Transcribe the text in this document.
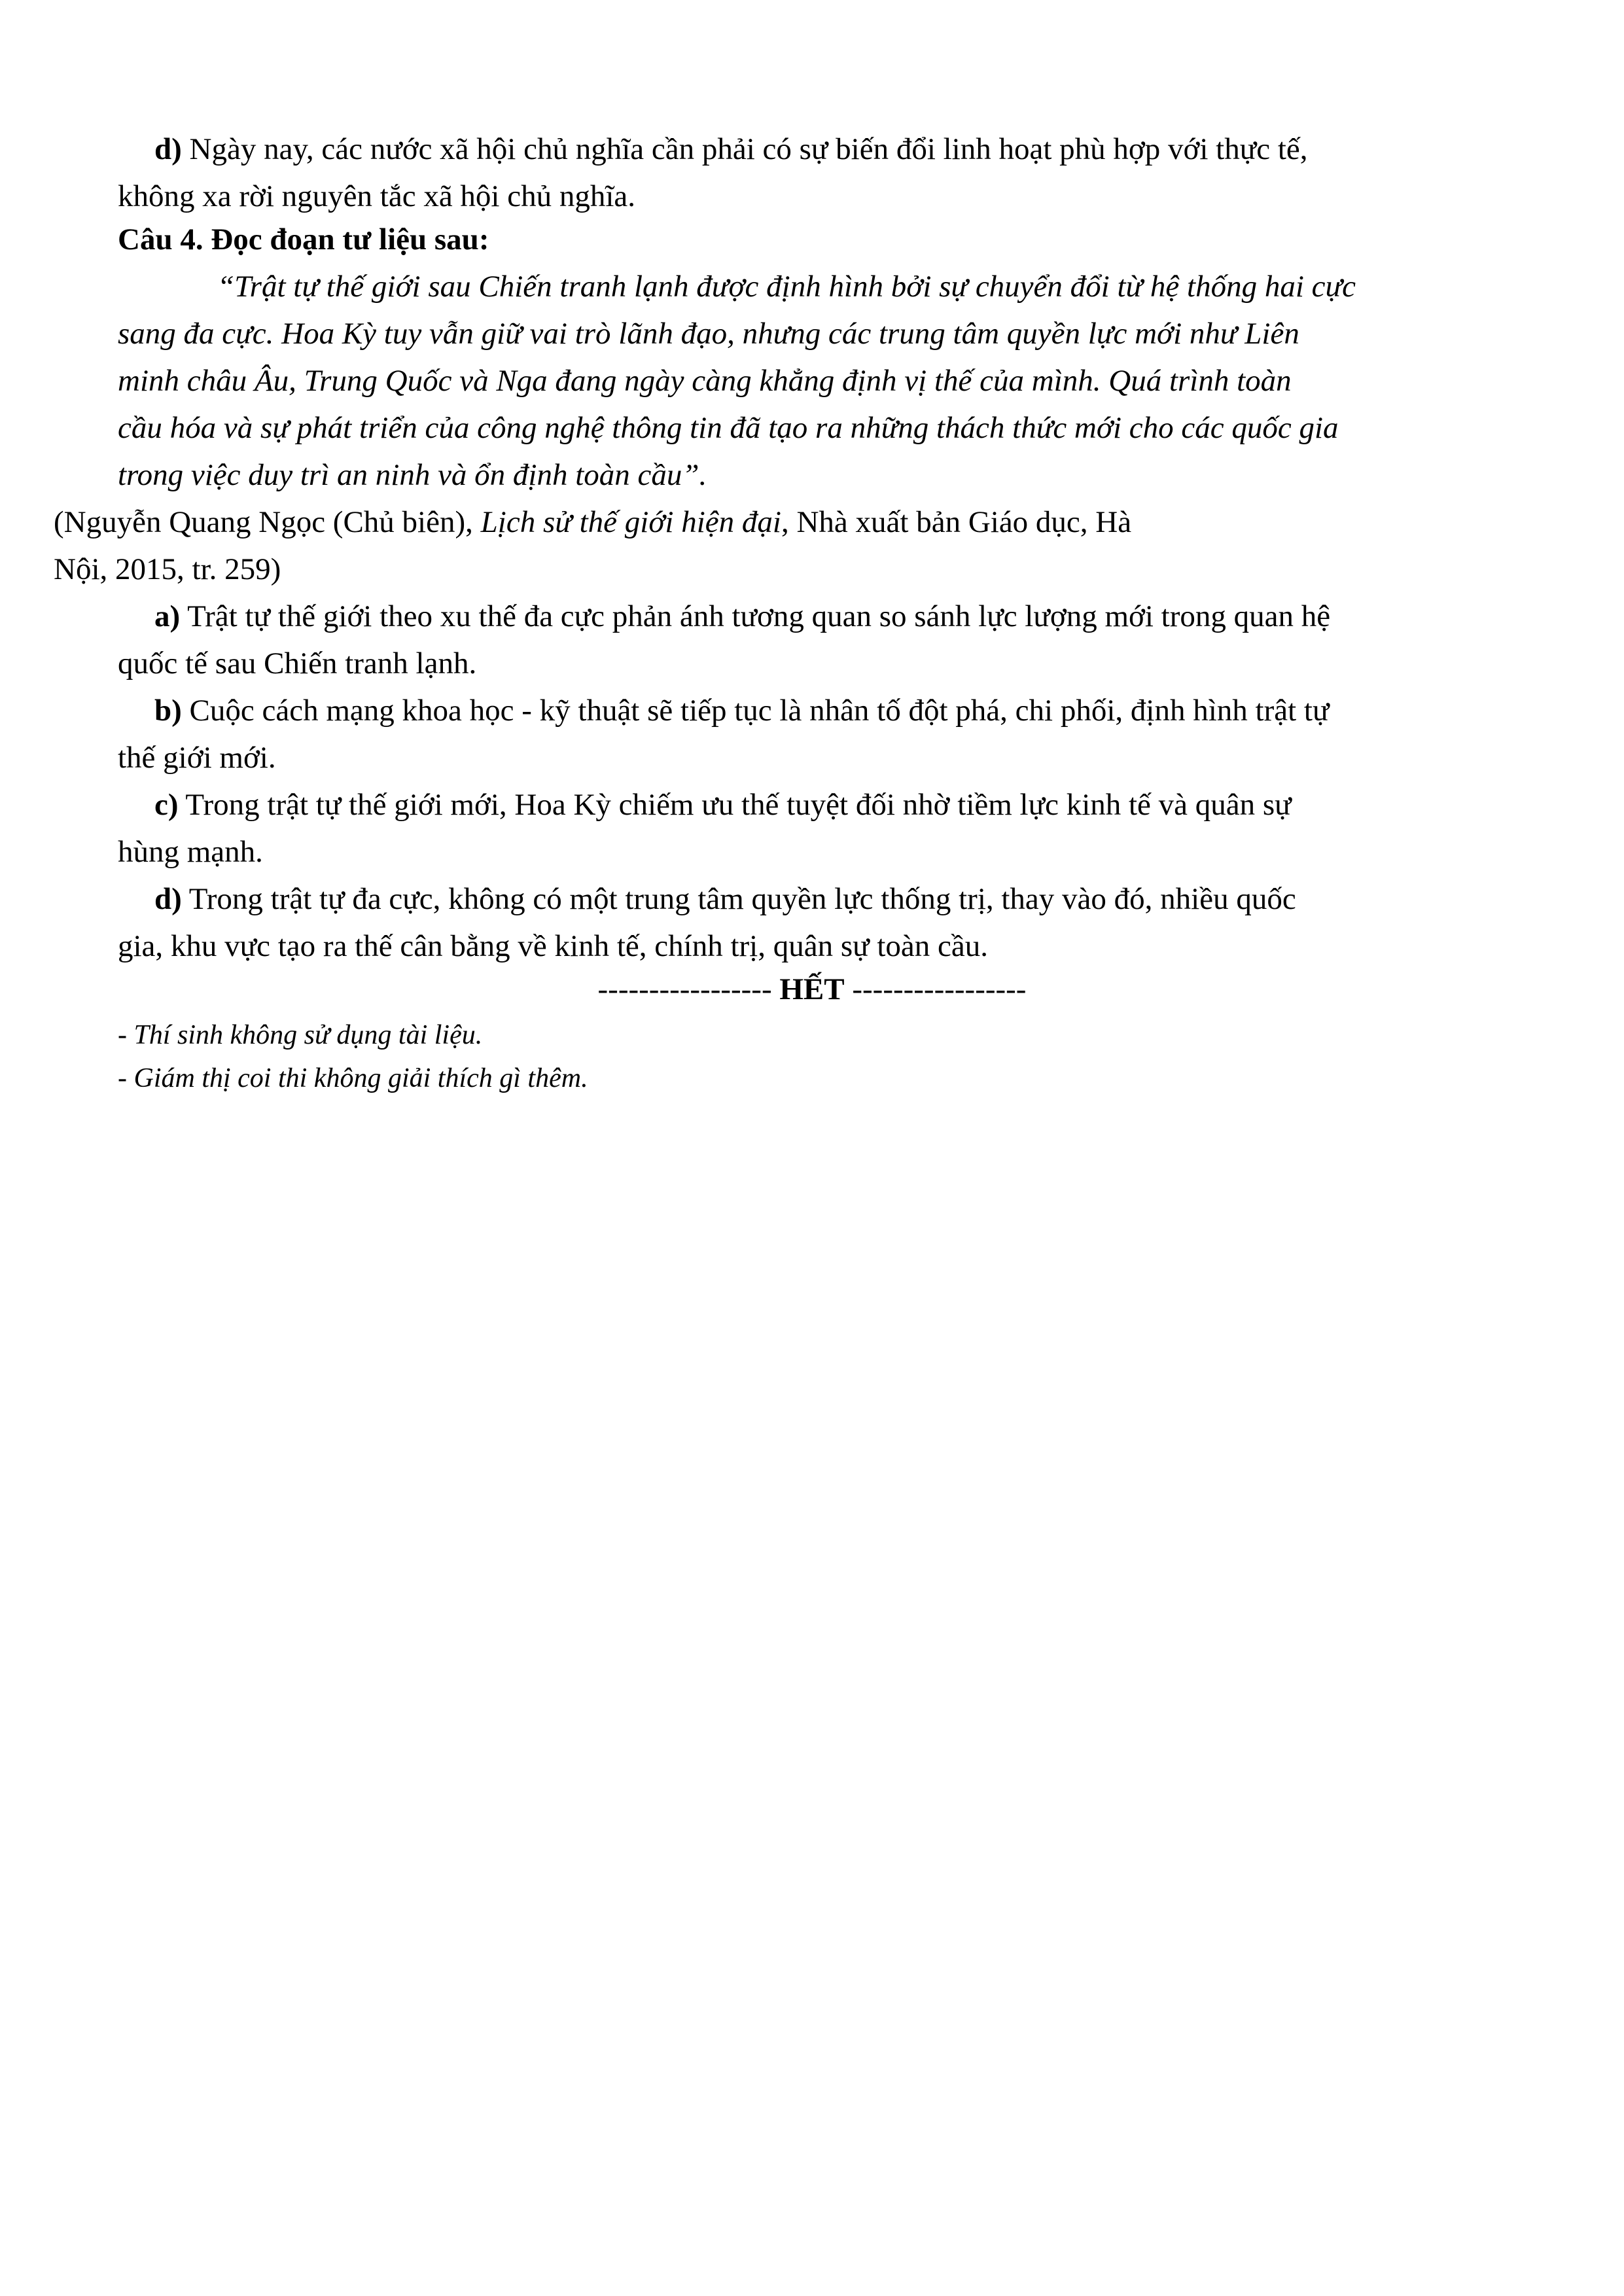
d) Ngày nay, các nước xã hội chủ nghĩa cần phải có sự biến đổi linh hoạt phù hợp với thực tế,

không xa rời nguyên tắc xã hội chủ nghĩa.

Câu 4. Đọc đoạn tư liệu sau:

“Trật tự thế giới sau Chiến tranh lạnh được định hình bởi sự chuyển đổi từ hệ thống hai cực

sang đa cực. Hoa Kỳ tuy vẫn giữ vai trò lãnh đạo, nhưng các trung tâm quyền lực mới như Liên

minh châu Âu, Trung Quốc và Nga đang ngày càng khẳng định vị thế của mình. Quá trình toàn

cầu hóa và sự phát triển của công nghệ thông tin đã tạo ra những thách thức mới cho các quốc gia

trong việc duy trì an ninh và ổn định toàn cầu”.

(Nguyễn Quang Ngọc (Chủ biên), Lịch sử thế giới hiện đại, Nhà xuất bản Giáo dục, Hà

Nội, 2015, tr. 259)

a) Trật tự thế giới theo xu thế đa cực phản ánh tương quan so sánh lực lượng mới trong quan hệ

quốc tế sau Chiến tranh lạnh.

b) Cuộc cách mạng khoa học - kỹ thuật sẽ tiếp tục là nhân tố đột phá, chi phối, định hình trật tự

thế giới mới.

c) Trong trật tự thế giới mới, Hoa Kỳ chiếm ưu thế tuyệt đối nhờ tiềm lực kinh tế và quân sự

hùng mạnh.

d) Trong trật tự đa cực, không có một trung tâm quyền lực thống trị, thay vào đó, nhiều quốc

gia, khu vực tạo ra thế cân bằng về kinh tế, chính trị, quân sự toàn cầu.

----------------- HẾT -----------------

- Thí sinh không sử dụng tài liệu.

- Giám thị coi thi không giải thích gì thêm.
